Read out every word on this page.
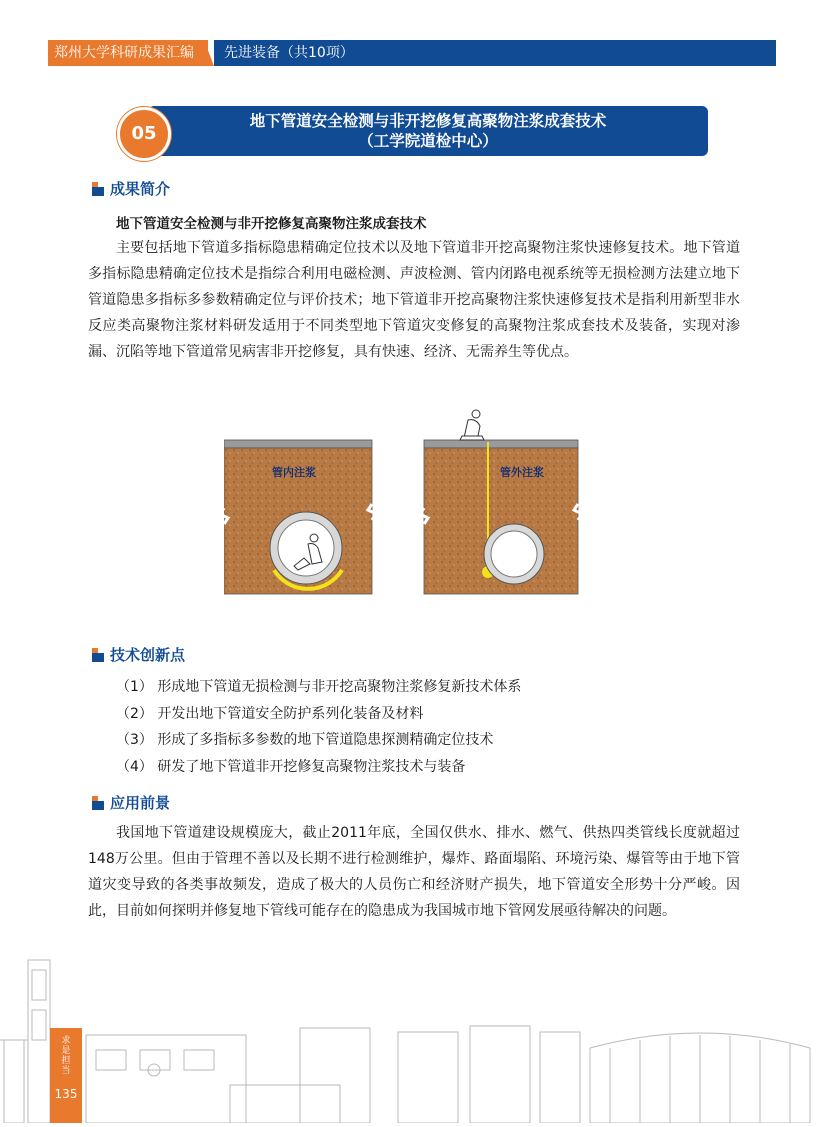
郑州大学科研成果汇编	先进装备（共10项）
地下管道安全检测与非开挖修复高聚物注浆成套技术
（工学院道检中心）
05
成果简介
地下管道安全检测与非开挖修复高聚物注浆成套技术

主要包括地下管道多指标隐患精确定位技术以及地下管道非开挖高聚物注浆快速修复技术。地下管道多指标隐患精确定位技术是指综合利用电磁检测、声波检测、管内闭路电视系统等无损检测方法建立地下管道隐患多指标多参数精确定位与评价技术；地下管道非开挖高聚物注浆快速修复技术是指利用新型非水反应类高聚物注浆材料研发适用于不同类型地下管道灾变修复的高聚物注浆成套技术及装备，实现对渗漏、沉陷等地下管道常见病害非开挖修复，具有快速、经济、无需养生等优点。

管内注浆	管外注浆
技术创新点
（1） 形成地下管道无损检测与非开挖高聚物注浆修复新技术体系
（2） 开发出地下管道安全防护系列化装备及材料
（3） 形成了多指标多参数的地下管道隐患探测精确定位技术
（4） 研发了地下管道非开挖修复高聚物注浆技术与装备
应用前景

我国地下管道建设规模庞大，截止2011年底，全国仅供水、排水、燃气、供热四类管线长度就超过148万公里。但由于管理不善以及长期不进行检测维护，爆炸、路面塌陷、环境污染、爆管等由于地下管道灾变导致的各类事故频发，造成了极大的人员伤亡和经济财产损失，地下管道安全形势十分严峻。因此，目前如何探明并修复地下管线可能存在的隐患成为我国城市地下管网发展亟待解决的问题。

求是担当
135
